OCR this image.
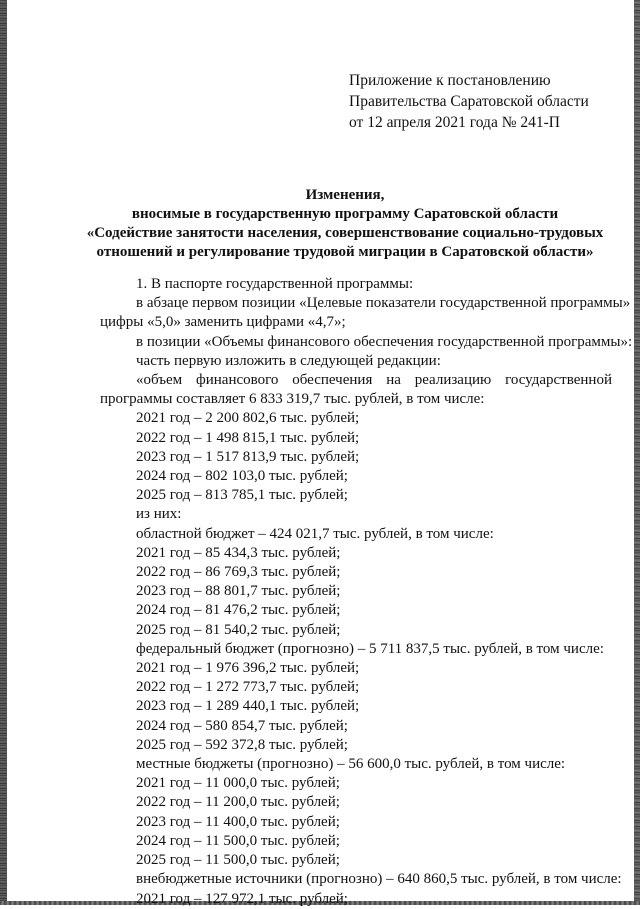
Приложение к постановлению
Правительства Саратовской области
от 12 апреля 2021 года № 241-П
Изменения,
вносимые в государственную программу Саратовской области
«Содействие занятости населения, совершенствование социально-трудовых
отношений и регулирование трудовой миграции в Саратовской области»
1. В паспорте государственной программы:
в абзаце первом позиции «Целевые показатели государственной программы»
цифры «5,0» заменить цифрами «4,7»;
в позиции «Объемы финансового обеспечения государственной программы»:
часть первую изложить в следующей редакции:
«объем финансового обеспечения на реализацию государственной
программы составляет 6 833 319,7 тыс. рублей, в том числе:
2021 год – 2 200 802,6 тыс. рублей;
2022 год – 1 498 815,1 тыс. рублей;
2023 год – 1 517 813,9 тыс. рублей;
2024 год – 802 103,0 тыс. рублей;
2025 год – 813 785,1 тыс. рублей;
из них:
областной бюджет – 424 021,7 тыс. рублей, в том числе:
2021 год – 85 434,3 тыс. рублей;
2022 год – 86 769,3 тыс. рублей;
2023 год – 88 801,7 тыс. рублей;
2024 год – 81 476,2 тыс. рублей;
2025 год – 81 540,2 тыс. рублей;
федеральный бюджет (прогнозно) – 5 711 837,5 тыс. рублей, в том числе:
2021 год – 1 976 396,2 тыс. рублей;
2022 год – 1 272 773,7 тыс. рублей;
2023 год – 1 289 440,1 тыс. рублей;
2024 год – 580 854,7 тыс. рублей;
2025 год – 592 372,8 тыс. рублей;
местные бюджеты (прогнозно) – 56 600,0 тыс. рублей, в том числе:
2021 год – 11 000,0 тыс. рублей;
2022 год – 11 200,0 тыс. рублей;
2023 год – 11 400,0 тыс. рублей;
2024 год – 11 500,0 тыс. рублей;
2025 год – 11 500,0 тыс. рублей;
внебюджетные источники (прогнозно) – 640 860,5 тыс. рублей, в том числе:
2021 год – 127 972,1 тыс. рублей;
